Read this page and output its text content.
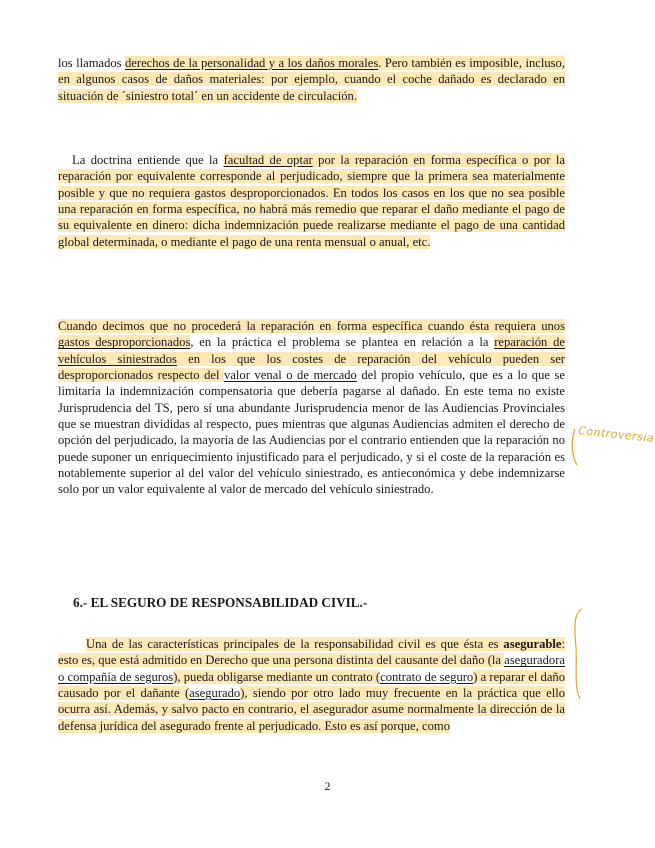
los llamados derechos de la personalidad y a los daños morales. Pero también es imposible, incluso, en algunos casos de daños materiales: por ejemplo, cuando el coche dañado es declarado en situación de ´siniestro total´ en un accidente de circulación.

La doctrina entiende que la facultad de optar por la reparación en forma específica o por la reparación por equivalente corresponde al perjudicado, siempre que la primera sea materialmente posible y que no requiera gastos desproporcionados. En todos los casos en los que no sea posible una reparación en forma específica, no habrá más remedio que reparar el daño mediante el pago de su equivalente en dinero: dicha indemnización puede realizarse mediante el pago de una cantidad global determinada, o mediante el pago de una renta mensual o anual, etc.

Cuando decimos que no procederá la reparación en forma específica cuando ésta requiera unos gastos desproporcionados, en la práctica el problema se plantea en relación a la reparación de vehículos siniestrados en los que los costes de reparación del vehículo pueden ser desproporcionados respecto del valor venal o de mercado del propio vehículo, que es a lo que se limitaría la indemnización compensatoria que debería pagarse al dañado. En este tema no existe Jurisprudencia del TS, pero sí una abundante Jurisprudencia menor de las Audiencias Provinciales que se muestran divididas al respecto, pues mientras que algunas Audiencias admiten el derecho de opción del perjudicado, la mayoría de las Audiencias por el contrario entienden que la reparación no puede suponer un enriquecimiento injustificado para el perjudicado, y si el coste de la reparación es notablemente superior al del valor del vehículo siniestrado, es antieconómica y debe indemnizarse solo por un valor equivalente al valor de mercado del vehículo siniestrado.

6.- EL SEGURO DE RESPONSABILIDAD CIVIL.-

Una de las características principales de la responsabilidad civil es que ésta es asegurable: esto es, que está admitido en Derecho que una persona distinta del causante del daño (la aseguradora o compañía de seguros), pueda obligarse mediante un contrato (contrato de seguro) a reparar el daño causado por el dañante (asegurado), siendo por otro lado muy frecuente en la práctica que ello ocurra así. Además, y salvo pacto en contrario, el asegurador asume normalmente la dirección de la defensa jurídica del asegurado frente al perjudicado. Esto es así porque, como

Controversia
2
